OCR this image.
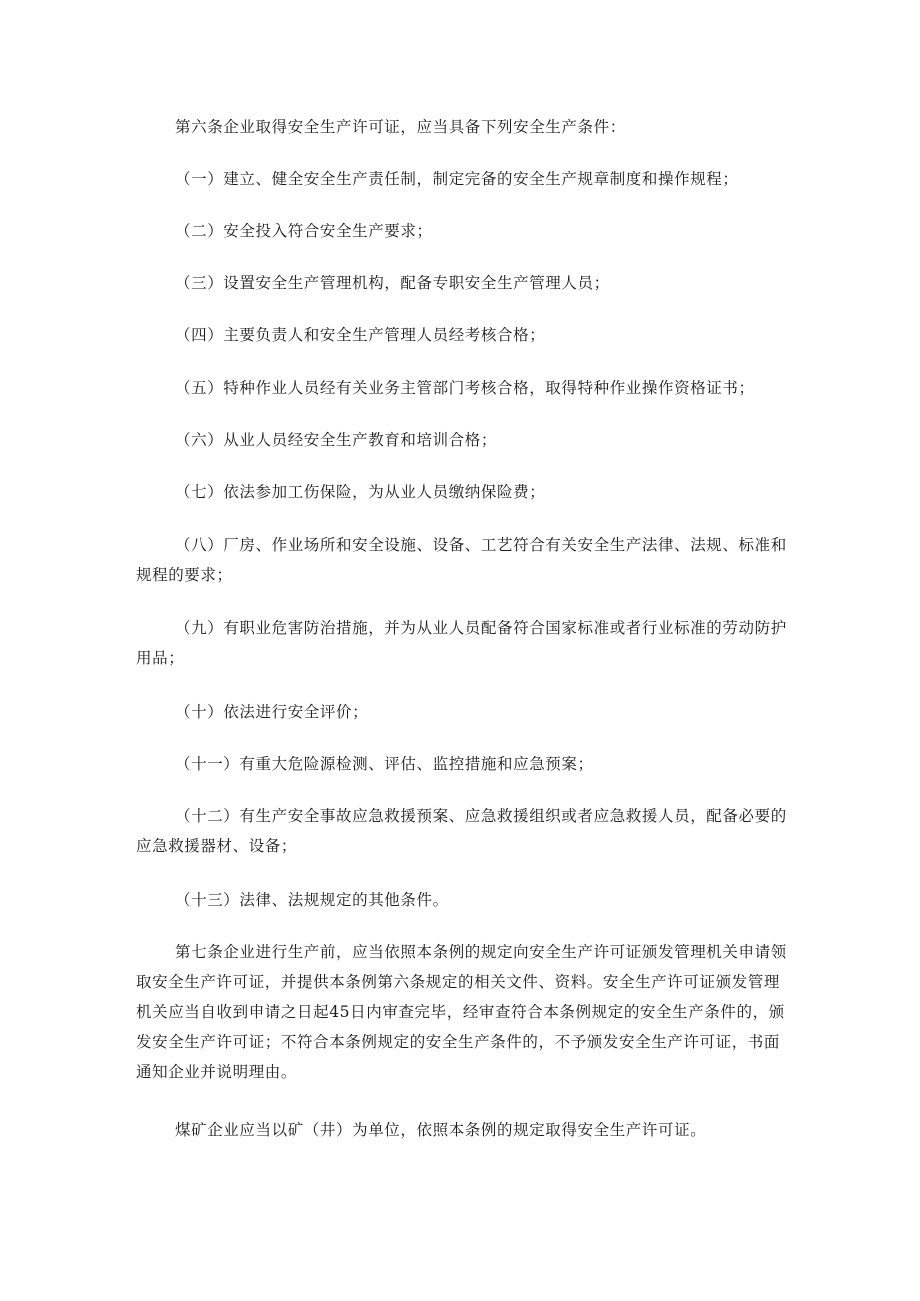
第六条企业取得安全生产许可证，应当具备下列安全生产条件：

（一）建立、健全安全生产责任制，制定完备的安全生产规章制度和操作规程；

（二）安全投入符合安全生产要求；

（三）设置安全生产管理机构，配备专职安全生产管理人员；

（四）主要负责人和安全生产管理人员经考核合格；

（五）特种作业人员经有关业务主管部门考核合格，取得特种作业操作资格证书；

（六）从业人员经安全生产教育和培训合格；

（七）依法参加工伤保险，为从业人员缴纳保险费；

（八）厂房、作业场所和安全设施、设备、工艺符合有关安全生产法律、法规、标准和规程的要求；

（九）有职业危害防治措施，并为从业人员配备符合国家标准或者行业标准的劳动防护用品；

（十）依法进行安全评价；

（十一）有重大危险源检测、评估、监控措施和应急预案；

（十二）有生产安全事故应急救援预案、应急救援组织或者应急救援人员，配备必要的应急救援器材、设备；

（十三）法律、法规规定的其他条件。

第七条企业进行生产前，应当依照本条例的规定向安全生产许可证颁发管理机关申请领取安全生产许可证，并提供本条例第六条规定的相关文件、资料。安全生产许可证颁发管理机关应当自收到申请之日起45日内审查完毕，经审查符合本条例规定的安全生产条件的，颁发安全生产许可证；不符合本条例规定的安全生产条件的，不予颁发安全生产许可证，书面通知企业并说明理由。

煤矿企业应当以矿（井）为单位，依照本条例的规定取得安全生产许可证。
